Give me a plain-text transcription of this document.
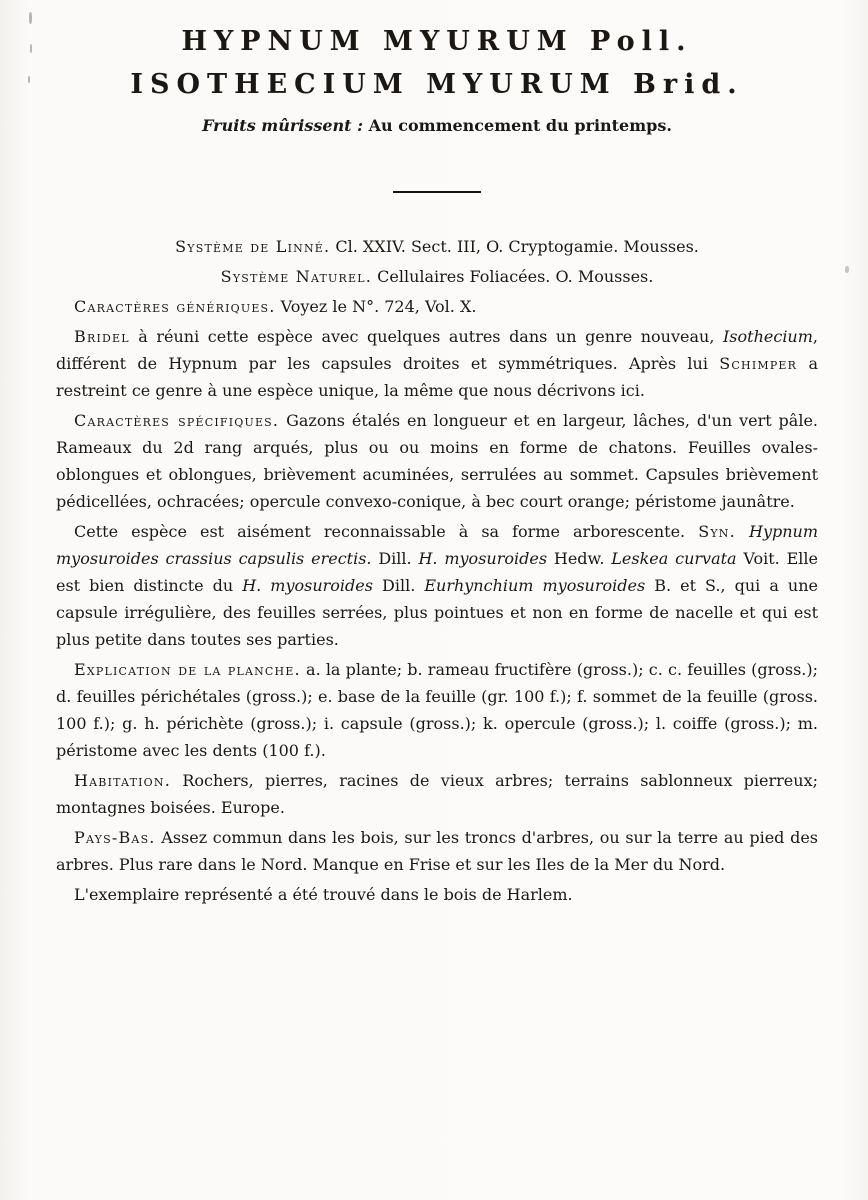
HYPNUM MYURUM Poll.
ISOTHECIUM MYURUM Brid.

Fruits mûrissent : Au commencement du printemps.

Système de Linné. Cl. XXIV. Sect. III, O. Cryptogamie. Mousses.

Système Naturel. Cellulaires Foliacées. O. Mousses.

Caractères génériques. Voyez le N°. 724, Vol. X.

Bridel à réuni cette espèce avec quelques autres dans un genre nouveau, Isothecium, différent de Hypnum par les capsules droites et symmétriques. Après lui Schimper a restreint ce genre à une espèce unique, la même que nous décrivons ici.

Caractères spécifiques. Gazons étalés en longueur et en largeur, lâches, d'un vert pâle. Rameaux du 2d rang arqués, plus ou ou moins en forme de chatons. Feuilles ovales-oblongues et oblongues, brièvement acuminées, serrulées au sommet. Capsules brièvement pédicellées, ochracées; opercule convexo-conique, à bec court orange; péristome jaunâtre.

Cette espèce est aisément reconnaissable à sa forme arborescente. Syn. Hypnum myosuroides crassius capsulis erectis. Dill. H. myosuroides Hedw. Leskea curvata Voit. Elle est bien distincte du H. myosuroides Dill. Eurhynchium myosuroides B. et S., qui a une capsule irrégulière, des feuilles serrées, plus pointues et non en forme de nacelle et qui est plus petite dans toutes ses parties.

Explication de la planche. a. la plante; b. rameau fructifère (gross.); c. c. feuilles (gross.); d. feuilles périchétales (gross.); e. base de la feuille (gr. 100 f.); f. sommet de la feuille (gross. 100 f.); g. h. périchète (gross.); i. capsule (gross.); k. opercule (gross.); l. coiffe (gross.); m. péristome avec les dents (100 f.).

Habitation. Rochers, pierres, racines de vieux arbres; terrains sablonneux pierreux; montagnes boisées. Europe.

Pays-Bas. Assez commun dans les bois, sur les troncs d'arbres, ou sur la terre au pied des arbres. Plus rare dans le Nord. Manque en Frise et sur les Iles de la Mer du Nord.

L'exemplaire représenté a été trouvé dans le bois de Harlem.
